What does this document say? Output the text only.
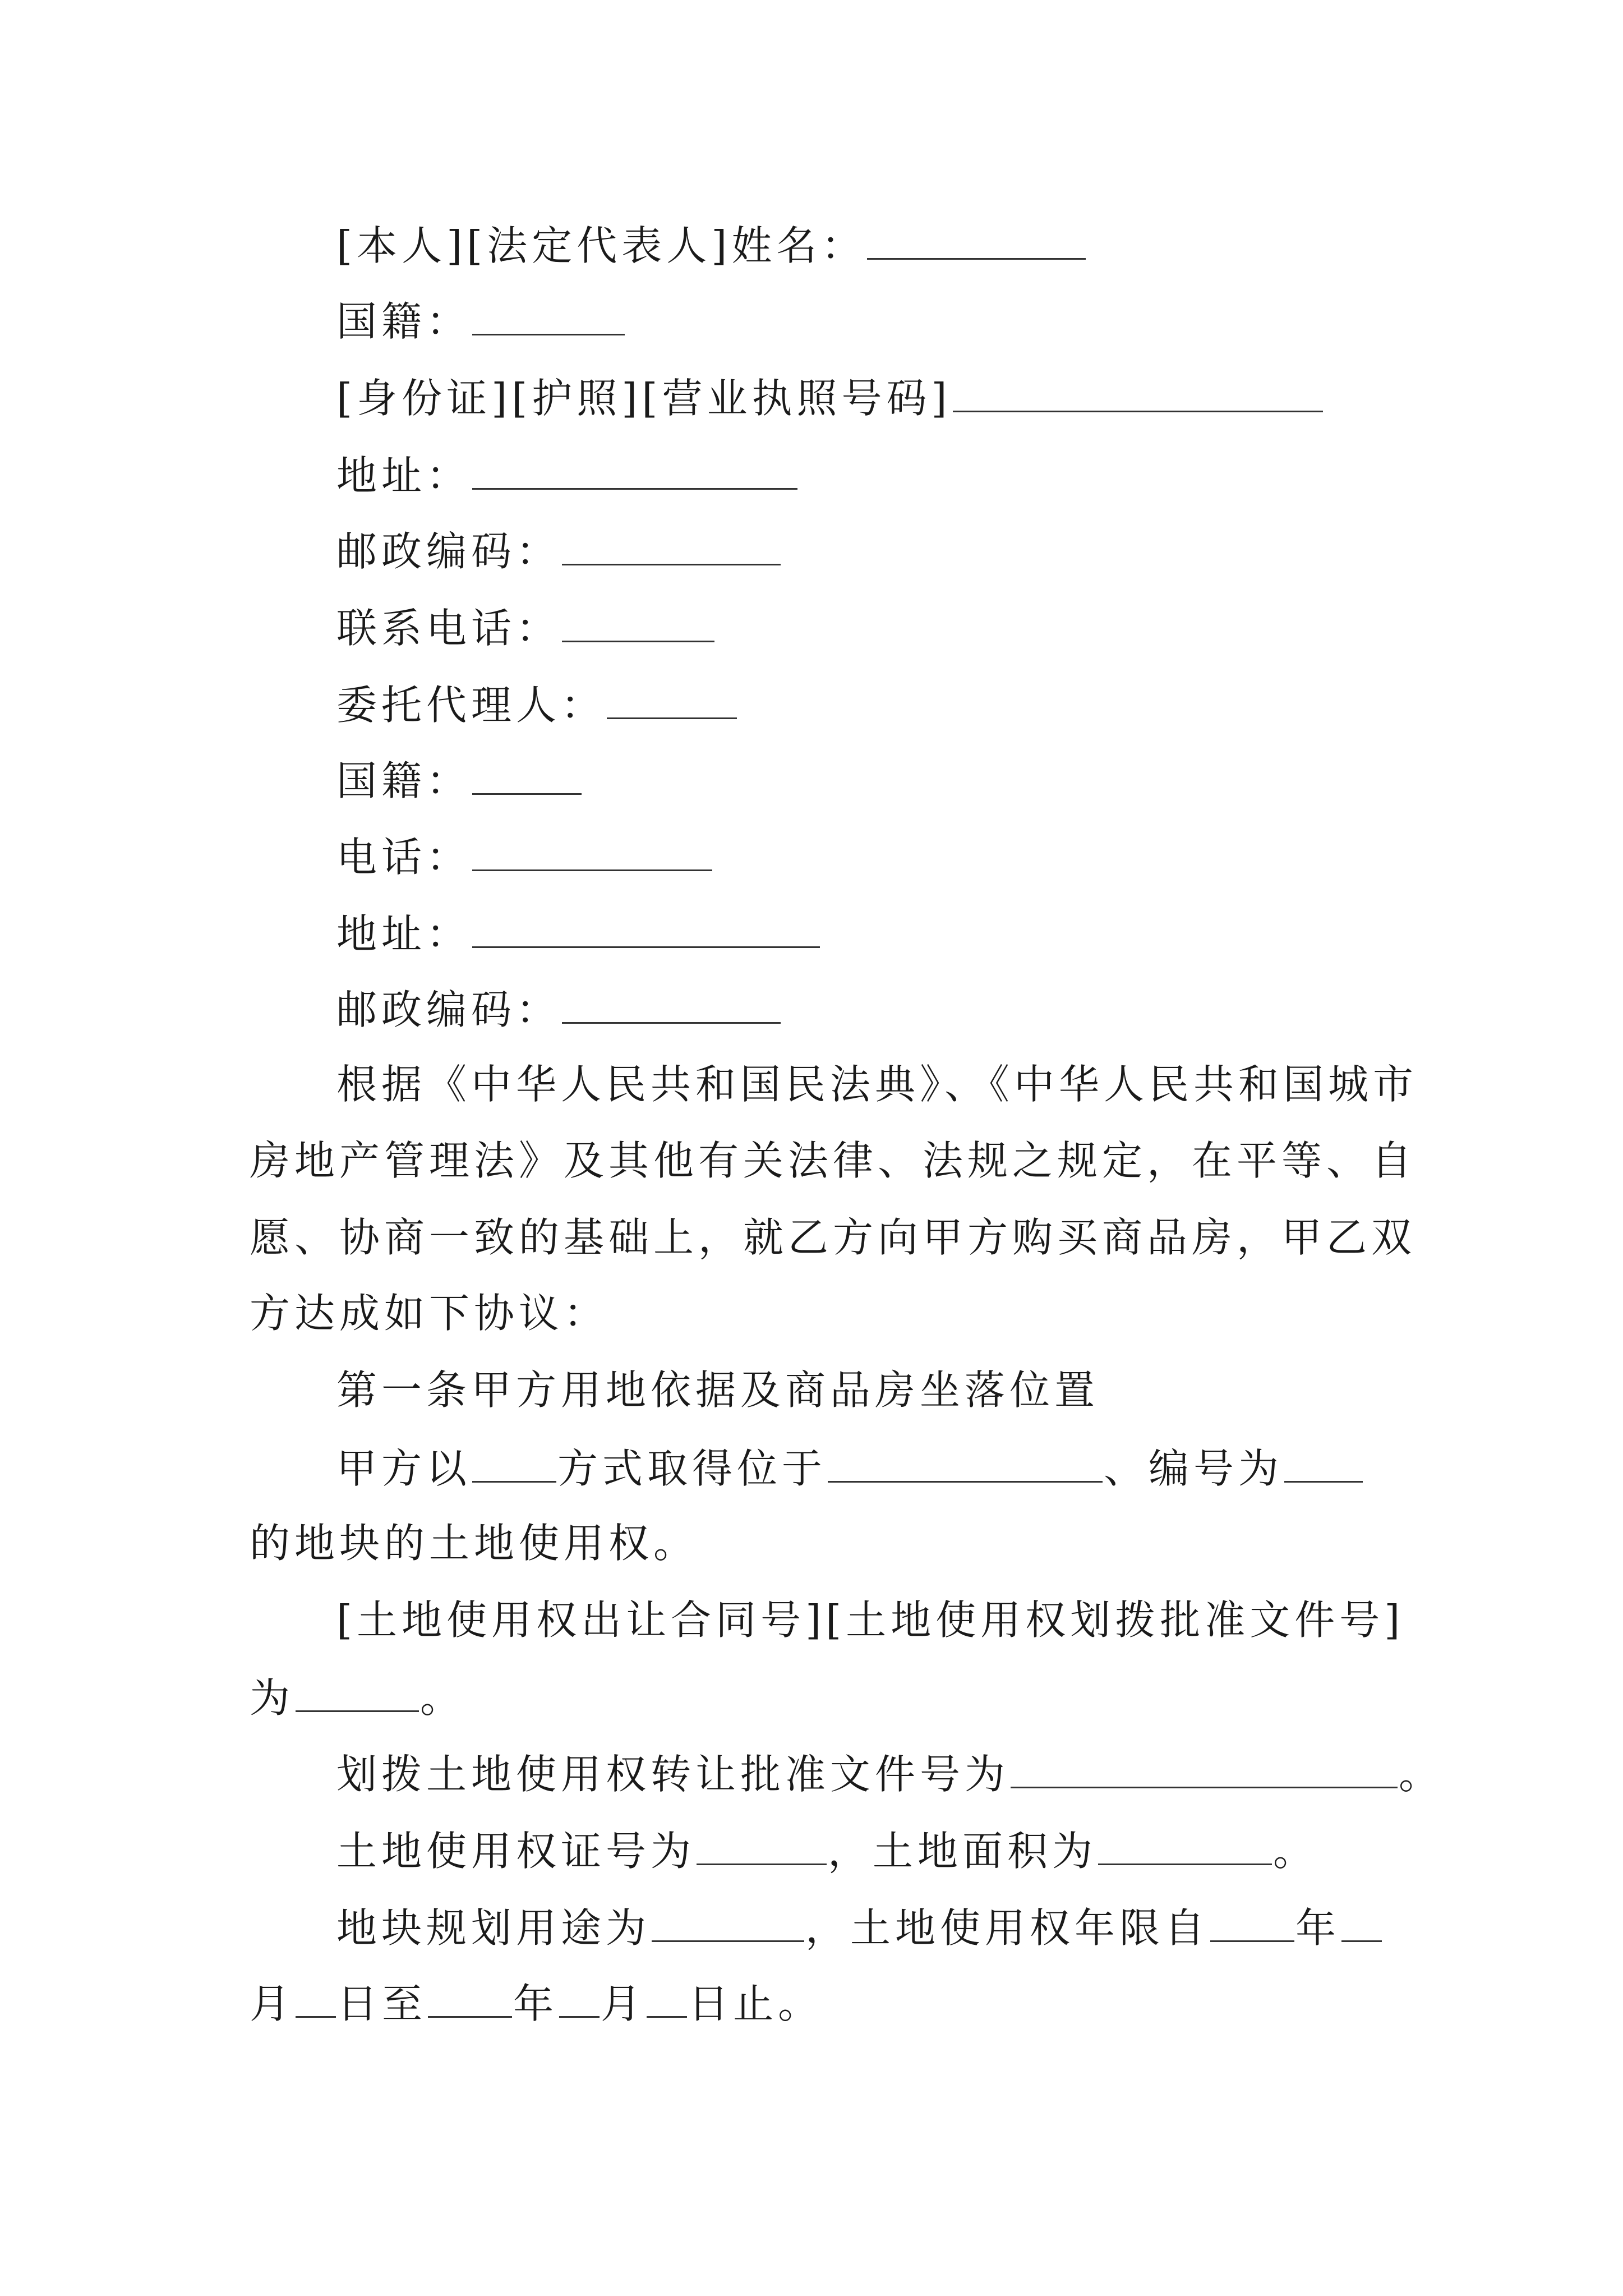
[本人][法定代表人]姓名：
国籍：
[身份证][护照][营业执照号码]
地址：
邮政编码：
联系电话：
委托代理人：
国籍：
电话：
地址：
邮政编码：
根据《中华人民共和国民法典》、《中华人民共和国城市
房地产管理法》及其他有关法律、法规之规定，在平等、自
愿、协商一致的基础上，就乙方向甲方购买商品房，甲乙双
方达成如下协议：
第一条甲方用地依据及商品房坐落位置
甲方以 方式取得位于	、编号为
的地块的土地使用权。
[土地使用权出让合同号][土地使用权划拨批准文件号]
为	。
划拨土地使用权转让批准文件号为	。
土地使用权证号为	，土地面积为	。
地块规划用途为	，土地使用权年限自 年
月 日至 年 月 日止。
